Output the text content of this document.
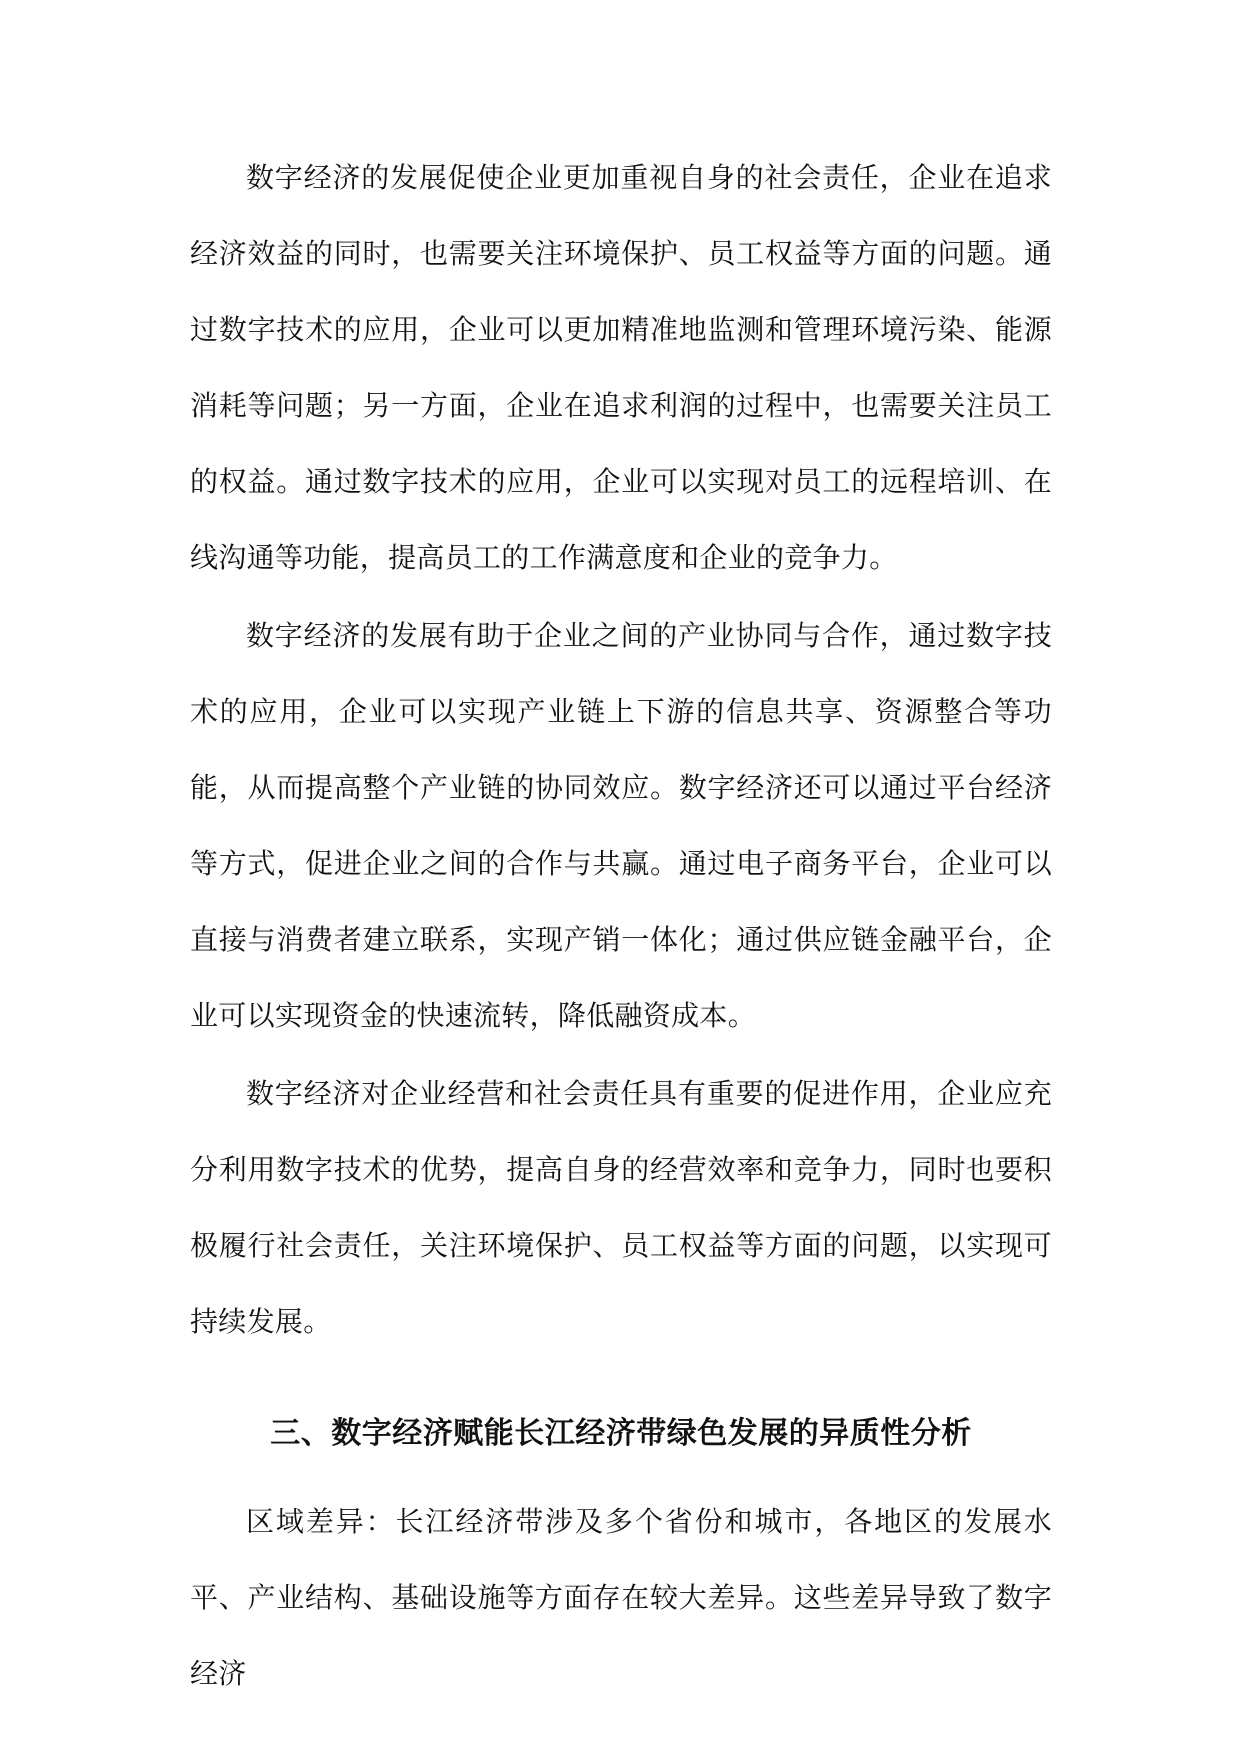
数字经济的发展促使企业更加重视自身的社会责任，企业在追求经济效益的同时，也需要关注环境保护、员工权益等方面的问题。通过数字技术的应用，企业可以更加精准地监测和管理环境污染、能源消耗等问题；另一方面，企业在追求利润的过程中，也需要关注员工的权益。通过数字技术的应用，企业可以实现对员工的远程培训、在线沟通等功能，提高员工的工作满意度和企业的竞争力。

数字经济的发展有助于企业之间的产业协同与合作，通过数字技术的应用，企业可以实现产业链上下游的信息共享、资源整合等功能，从而提高整个产业链的协同效应。数字经济还可以通过平台经济等方式，促进企业之间的合作与共赢。通过电子商务平台，企业可以直接与消费者建立联系，实现产销一体化；通过供应链金融平台，企业可以实现资金的快速流转，降低融资成本。

数字经济对企业经营和社会责任具有重要的促进作用，企业应充分利用数字技术的优势，提高自身的经营效率和竞争力，同时也要积极履行社会责任，关注环境保护、员工权益等方面的问题，以实现可持续发展。

三、数字经济赋能长江经济带绿色发展的异质性分析

区域差异：长江经济带涉及多个省份和城市，各地区的发展水平、产业结构、基础设施等方面存在较大差异。这些差异导致了数字经济
